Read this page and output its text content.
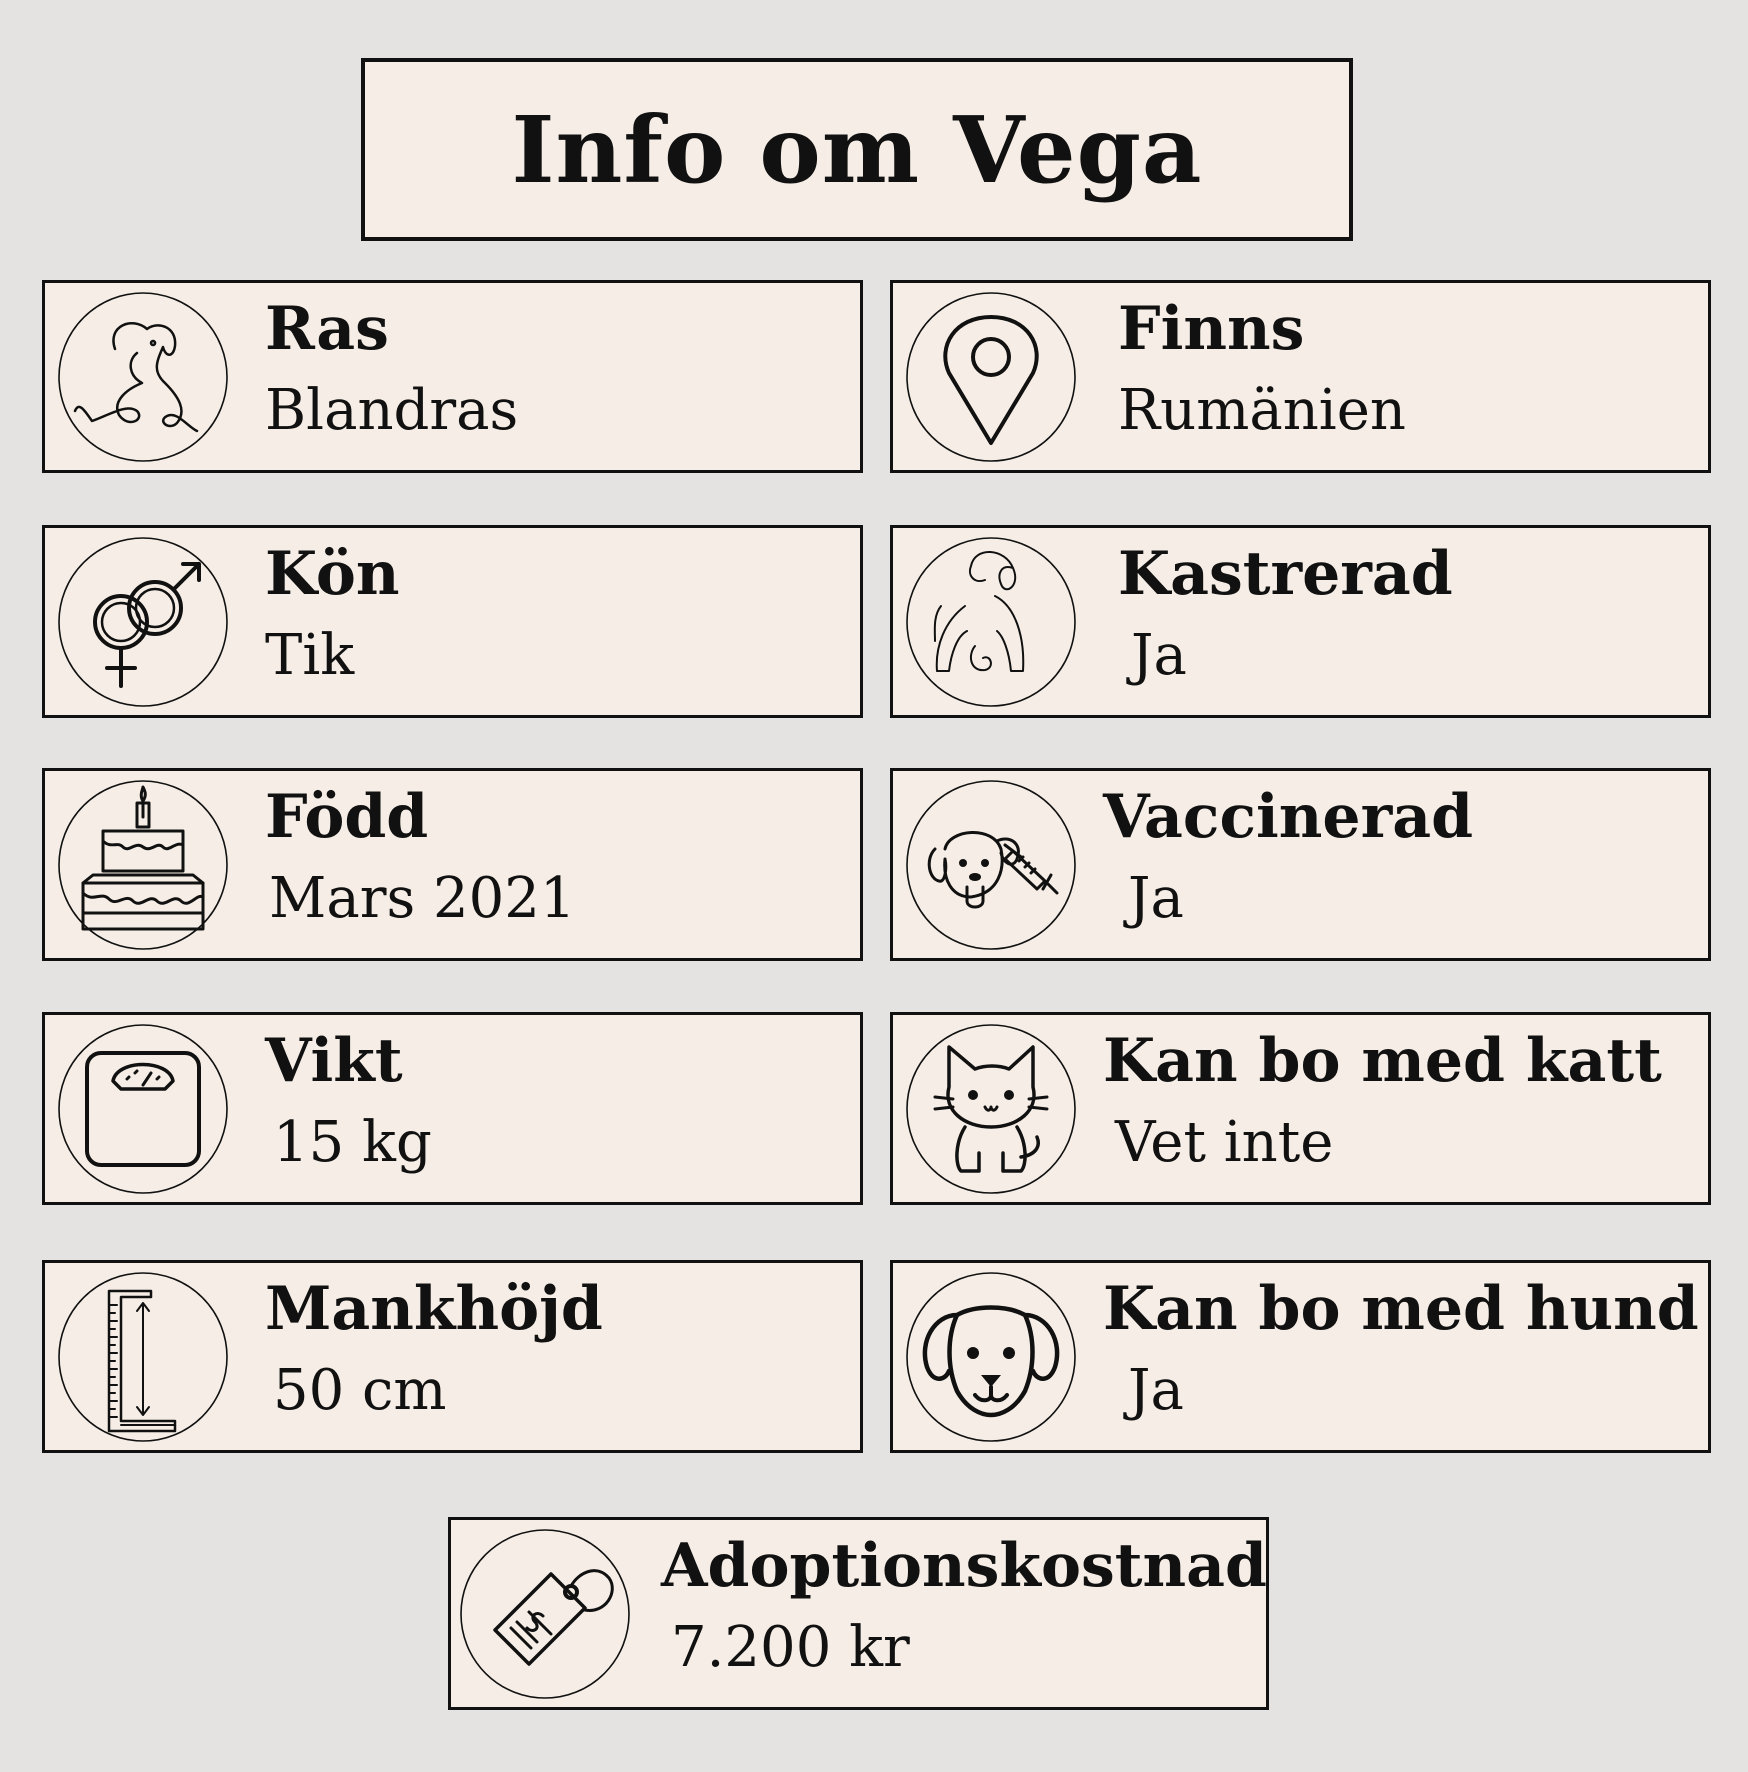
Info om Vega
Ras
Blandras
Finns
Rumänien
Kön
Tik
Kastrerad
Ja
Född
Mars 2021
Vaccinerad
Ja
Vikt
15 kg
Kan bo med katt
Vet inte
Mankhöjd
50 cm
Kan bo med hund
Ja
Adoptionskostnad
7.200 kr
